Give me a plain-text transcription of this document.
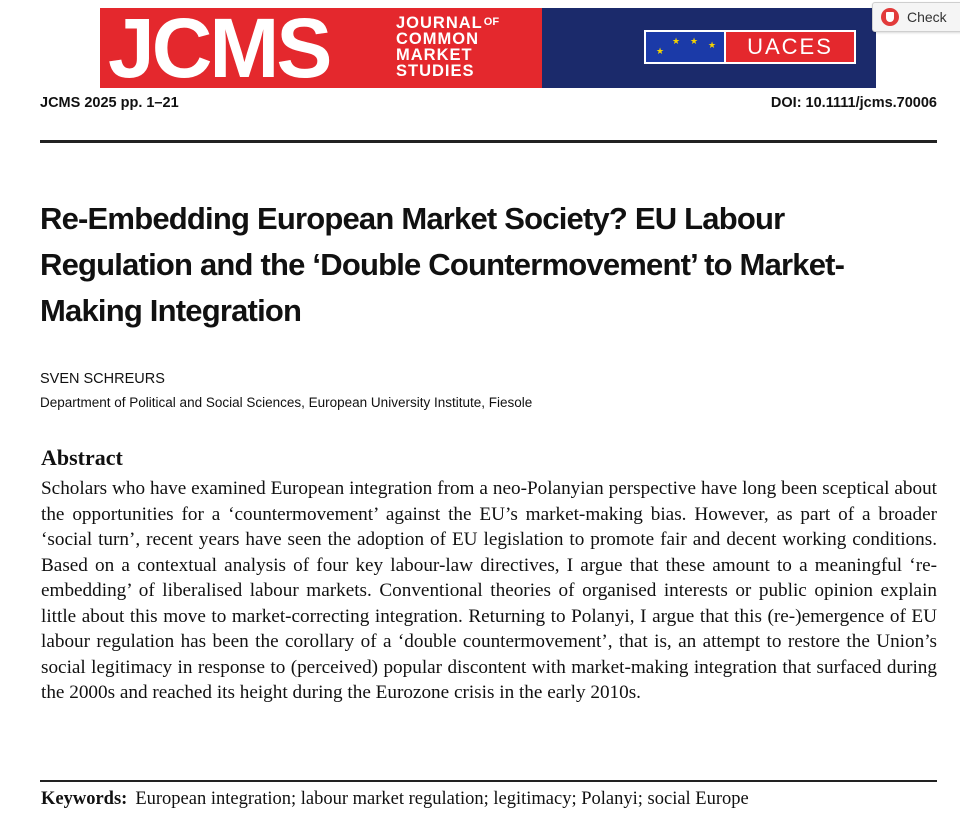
JCMS	JOURNALOF
COMMON
MARKET
STUDIES
★
★ ★ ★	UACES
Check
JCMS 2025 pp. 1–21	DOI: 10.1111/jcms.70006
Re-Embedding European Market Society? EU Labour Regulation and the ‘Double Countermovement’ to Market-Making Integration
SVEN SCHREURS
Department of Political and Social Sciences, European University Institute, Fiesole
Abstract

Scholars who have examined European integration from a neo-Polanyian perspective have long been sceptical about the opportunities for a ‘countermovement’ against the EU’s market-making bias. However, as part of a broader ‘social turn’, recent years have seen the adoption of EU legislation to promote fair and decent working conditions. Based on a contextual analysis of four key labour-law directives, I argue that these amount to a meaningful ‘re-embedding’ of liberalised labour markets. Conventional theories of organised interests or public opinion explain little about this move to market-correcting integration. Returning to Polanyi, I argue that this (re-)emergence of EU labour regulation has been the corollary of a ‘double countermovement’, that is, an attempt to restore the Union’s social legitimacy in response to (perceived) popular discontent with market-making integration that surfaced during the 2000s and reached its height during the Eurozone crisis in the early 2010s.

Keywords: European integration; labour market regulation; legitimacy; Polanyi; social Europe
